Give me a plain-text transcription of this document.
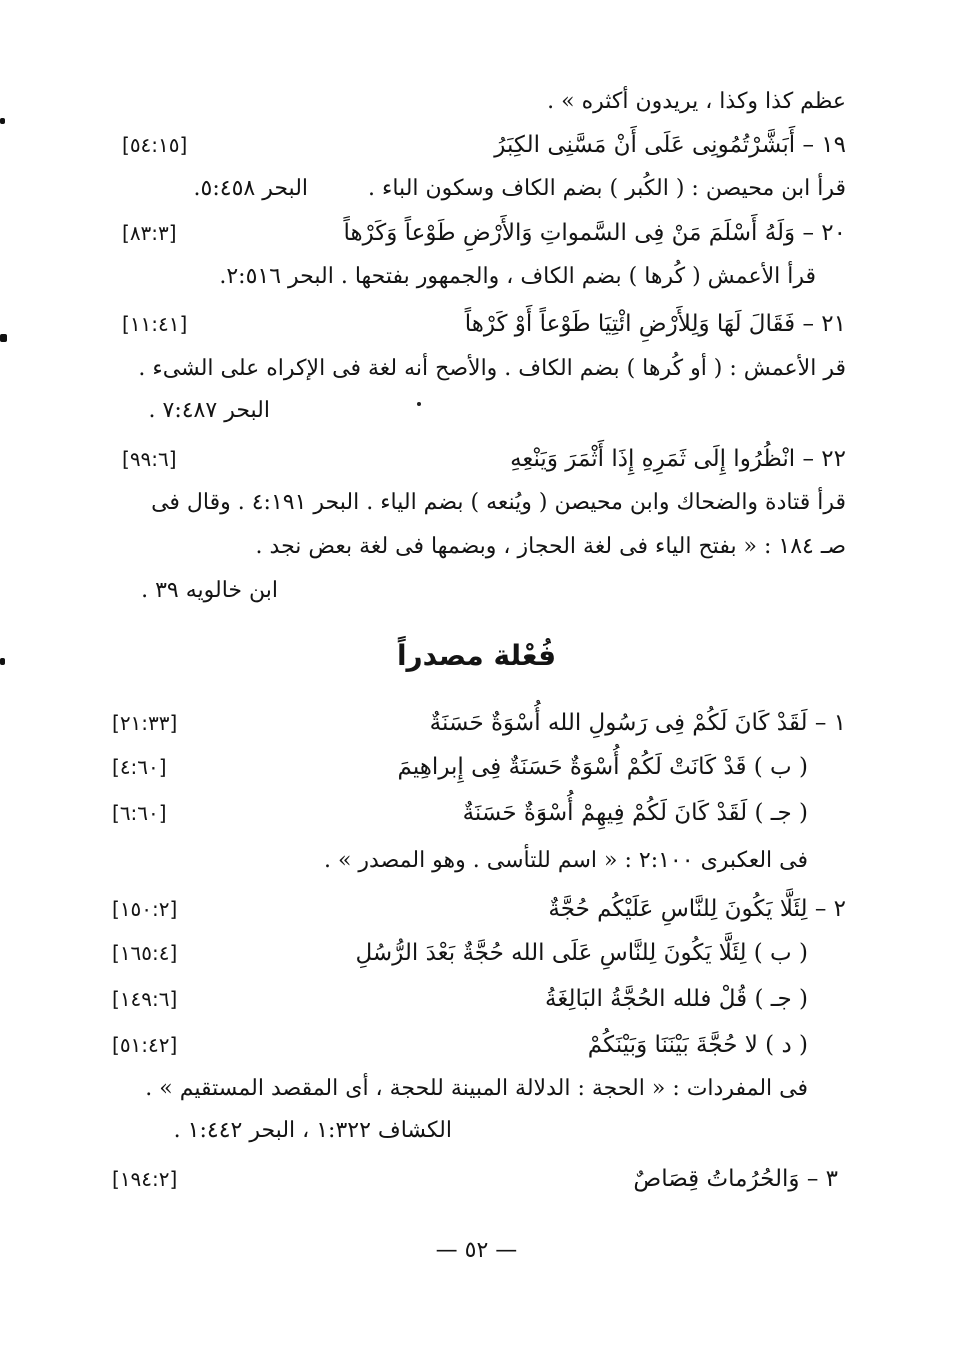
عظم كذا وكذا ، يريدون أكثره » .
١٩ – أَبَشَّرْتُمُونِى عَلَى أَنْ مَسَّنِى الكِبَرُ
[٥٤:١٥]
قرأ ابن محيصن : ( الكُبر ) بضم الكاف وسكون الباء .البحر ٥:٤٥٨.
٢٠ – وَلَهُ أَسْلَمَ مَنْ فِى السَّمواتِ وَالأَرْضِ طَوْعاً وَكَرْهاً
[٨٣:٣]
قرأ الأعمش ( كُرها ) بضم الكاف ، والجمهور بفتحها . البحر ٢:٥١٦.
٢١ – فَقَالَ لَهَا وَلِلأَرْضِ ائْتِيَا طَوْعاً أَوْ كَرْهاً
[١١:٤١]
قر الأعمش : ( أو كُرها ) بضم الكاف . والأصح أنه لغة فى الإكراه على الشىء .
البحر ٧:٤٨٧ .
٢٢ – انْظُرُوا إِلَى ثَمَرِهِ إِذَا أَثْمَرَ وَيَنْعِهِ
[٩٩:٦]
قرأ قتادة والضحاك وابن محيصن ( ويُنعه ) بضم الياء . البحر ٤:١٩١ . وقال فى
صـ ١٨٤ : « بفتح الياء فى لغة الحجاز ، وبضمها فى لغة بعض نجد .
ابن خالويه ٣٩ .
فُعْلة مصدراً
١ – لَقَدْ كَانَ لَكُمْ فِى رَسُولِ الله أُسْوَةٌ حَسَنَةٌ
[٢١:٣٣]
( ب ) قَدْ كَانَتْ لَكُمْ أُسْوَةٌ حَسَنَةٌ فِى إِبراهِيمَ
[٤:٦٠]
( جـ ) لَقَدْ كَانَ لَكُمْ فِيهِمْ أُسْوَةٌ حَسَنَةٌ
[٦:٦٠]
فى العكبرى ٢:١٠٠ : « اسم للتأسى . وهو المصدر » .
٢ – لِئَلَّا يَكُونَ لِلنَّاسِ عَلَيْكُم حُجَّةٌ
[١٥٠:٢]
( ب ) لِئَلَّا يَكُونَ لِلنَّاسِ عَلَى الله حُجَّةٌ بَعْدَ الرُّسُلِ
[١٦٥:٤]
( جـ ) قُلْ فلله الحُجَّةُ البَالِغَةُ
[١٤٩:٦]
( د ) لا حُجَّةَ بَيْنَنَا وَبَيْنَكُمْ
[٥١:٤٢]
فى المفردات : « الحجة : الدلالة المبينة للحجة ، أى المقصد المستقيم » .
الكشاف ١:٣٢٢ ، البحر ١:٤٤٢ .
٣ – وَالحُرُماتُ قِصَاصٌ
[١٩٤:٢]
— ٥٢ —
